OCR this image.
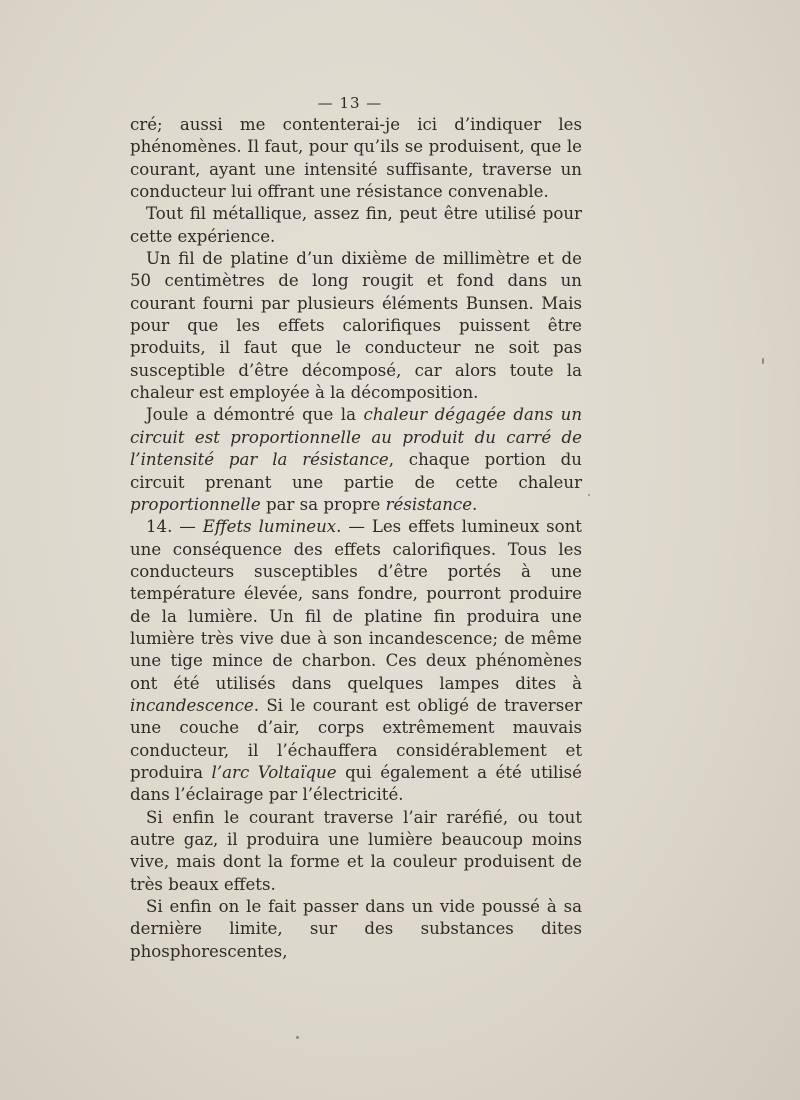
— 13 —

cré; aussi me contenterai-je ici d’indiquer les phénomènes. Il faut, pour qu’ils se produisent, que le courant, ayant une intensité suffisante, traverse un conducteur lui offrant une résistance convenable.

Tout fil métallique, assez fin, peut être utilisé pour cette expérience.

Un fil de platine d’un dixième de millimètre et de 50 centimètres de long rougit et fond dans un courant fourni par plusieurs éléments Bunsen. Mais pour que les effets calorifiques puissent être produits, il faut que le conducteur ne soit pas susceptible d’être décomposé, car alors toute la chaleur est employée à la décomposition.

Joule a démontré que la chaleur dégagée dans un circuit est proportionnelle au produit du carré de l’intensité par la résistance, chaque portion du circuit prenant une partie de cette chaleur proportionnelle par sa propre résistance.

14. — Effets lumineux. — Les effets lumineux sont une conséquence des effets calorifiques. Tous les conducteurs susceptibles d’être portés à une température élevée, sans fondre, pourront produire de la lumière. Un fil de platine fin produira une lumière très vive due à son incandescence; de même une tige mince de charbon. Ces deux phénomènes ont été utilisés dans quelques lampes dites à incandescence. Si le courant est obligé de traverser une couche d’air, corps extrêmement mauvais conducteur, il l’échauffera considérablement et produira l’arc Voltaïque qui également a été utilisé dans l’éclairage par l’électricité.

Si enfin le courant traverse l’air raréfié, ou tout autre gaz, il produira une lumière beaucoup moins vive, mais dont la forme et la couleur produisent de très beaux effets.

Si enfin on le fait passer dans un vide poussé à sa dernière limite, sur des substances dites phosphorescentes,
